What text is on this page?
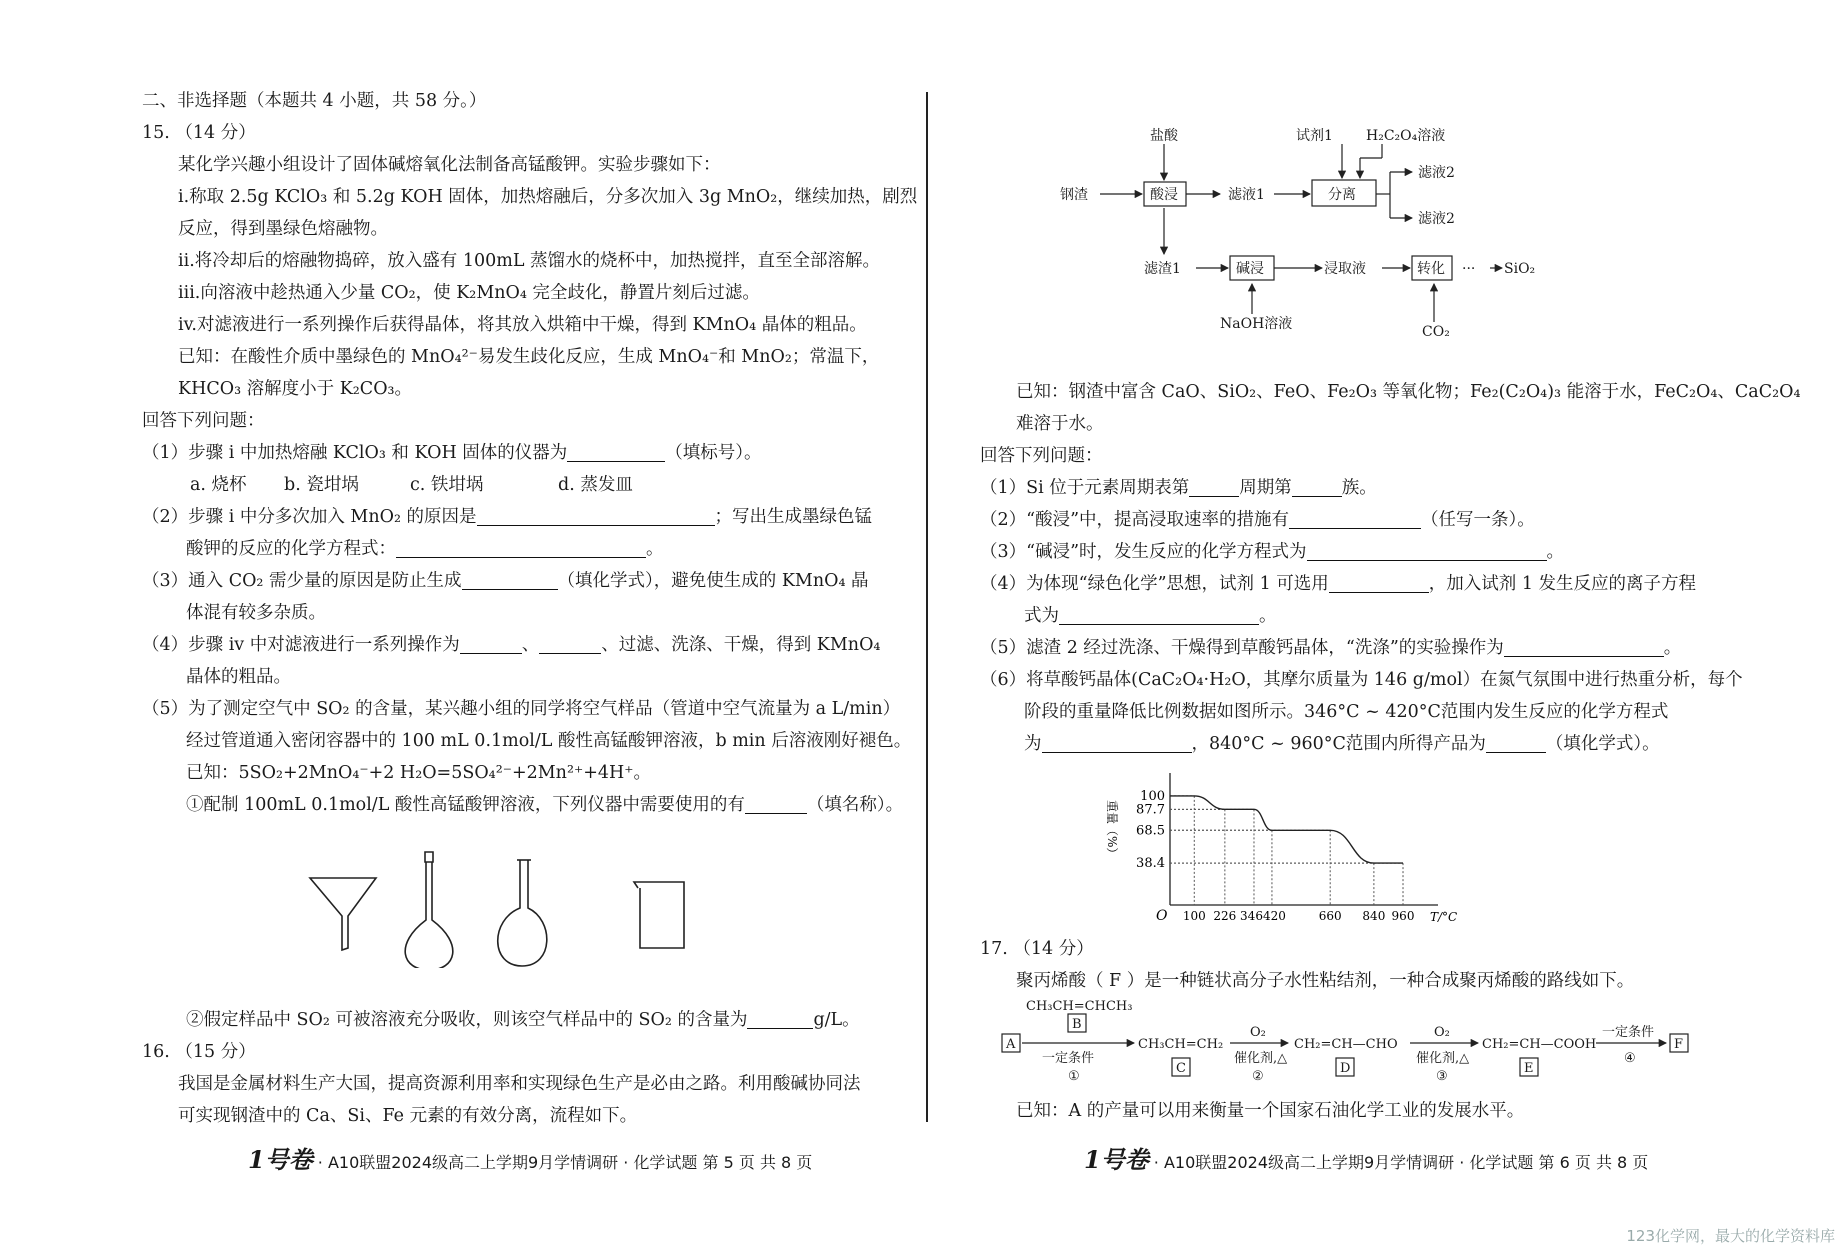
二、非选择题（本题共 4 小题，共 58 分。）
15. （14 分）
某化学兴趣小组设计了固体碱熔氧化法制备高锰酸钾。实验步骤如下：
i.称取 2.5g KClO₃ 和 5.2g KOH 固体，加热熔融后，分多次加入 3g MnO₂，继续加热，剧烈
反应，得到墨绿色熔融物。
ii.将冷却后的熔融物捣碎，放入盛有 100mL 蒸馏水的烧杯中，加热搅拌，直至全部溶解。
iii.向溶液中趁热通入少量 CO₂，使 K₂MnO₄ 完全歧化，静置片刻后过滤。
iv.对滤液进行一系列操作后获得晶体，将其放入烘箱中干燥，得到 KMnO₄ 晶体的粗品。
已知：在酸性介质中墨绿色的 MnO₄²⁻易发生歧化反应，生成 MnO₄⁻和 MnO₂；常温下，
KHCO₃ 溶解度小于 K₂CO₃。
回答下列问题：
（1）步骤 i 中加热熔融 KClO₃ 和 KOH 固体的仪器为	（填标号）。
a. 烧杯 b. 瓷坩埚	c. 铁坩埚	d. 蒸发皿
（2）步骤 i 中分多次加入 MnO₂ 的原因是	；写出生成墨绿色锰
酸钾的反应的化学方程式：	。
（3）通入 CO₂ 需少量的原因是防止生成	（填化学式），避免使生成的 KMnO₄ 晶
体混有较多杂质。
（4）步骤 iv 中对滤液进行一系列操作为	、	、过滤、洗涤、干燥，得到 KMnO₄
晶体的粗品。
（5）为了测定空气中 SO₂ 的含量，某兴趣小组的同学将空气样品（管道中空气流量为 a L/min）
经过管道通入密闭容器中的 100 mL 0.1mol/L 酸性高锰酸钾溶液，b min 后溶液刚好褪色。
已知：5SO₂+2MnO₄⁻+2 H₂O=5SO₄²⁻+2Mn²⁺+4H⁺。
①配制 100mL 0.1mol/L 酸性高锰酸钾溶液，下列仪器中需要使用的有	（填名称）。
②假定样品中 SO₂ 可被溶液充分吸收，则该空气样品中的 SO₂ 的含量为	g/L。
16. （15 分）
我国是金属材料生产大国，提高资源利用率和实现绿色生产是必由之路。利用酸碱协同法
可实现钢渣中的 Ca、Si、Fe 元素的有效分离，流程如下。
盐酸	试剂1 H₂C₂O₄溶液
钢渣	酸浸	滤液1	分离
滤液2
滤液2
滤渣1	碱浸	浸取液	转化 ··· SiO₂
NaOH溶液	CO₂
已知：钢渣中富含 CaO、SiO₂、FeO、Fe₂O₃ 等氧化物；Fe₂(C₂O₄)₃ 能溶于水，FeC₂O₄、CaC₂O₄
难溶于水。
回答下列问题：
（1）Si 位于元素周期表第	周期第	族。
（2）“酸浸”中，提高浸取速率的措施有	（任写一条）。
（3）“碱浸”时，发生反应的化学方程式为	。
（4）为体现“绿色化学”思想，试剂 1 可选用	，加入试剂 1 发生反应的离子方程
式为	。
（5）滤渣 2 经过洗涤、干燥得到草酸钙晶体，“洗涤”的实验操作为	。
（6）将草酸钙晶体(CaC₂O₄·H₂O，其摩尔质量为 146 g/mol）在氮气氛围中进行热重分析，每个
阶段的重量降低比例数据如图所示。346°C ~ 420°C范围内发生反应的化学方程式
为	，840°C ~ 960°C范围内所得产品为	（填化学式）。
17. （14 分）
聚丙烯酸（ F ）是一种链状高分子水性粘结剂，一种合成聚丙烯酸的路线如下。
已知：A 的产量可以用来衡量一个国家石油化学工业的发展水平。
重量（%）
O
100
87.7
68.5
38.4
100 226 346420	660 840 960 T/°C
CH₃CH=CHCH₃
B
A
一定条件
①
CH₃CH=CH₂
C
O₂
催化剂,△
②
CH₂=CH—CHO
D
O₂
催化剂,△
③
CH₂=CH—COOH
E
一定条件
④
F
1号卷 · A10联盟2024级高二上学期9月学情调研 · 化学试题 第 5 页 共 8 页	1号卷 · A10联盟2024级高二上学期9月学情调研 · 化学试题 第 6 页 共 8 页
123化学网，最大的化学资料库
